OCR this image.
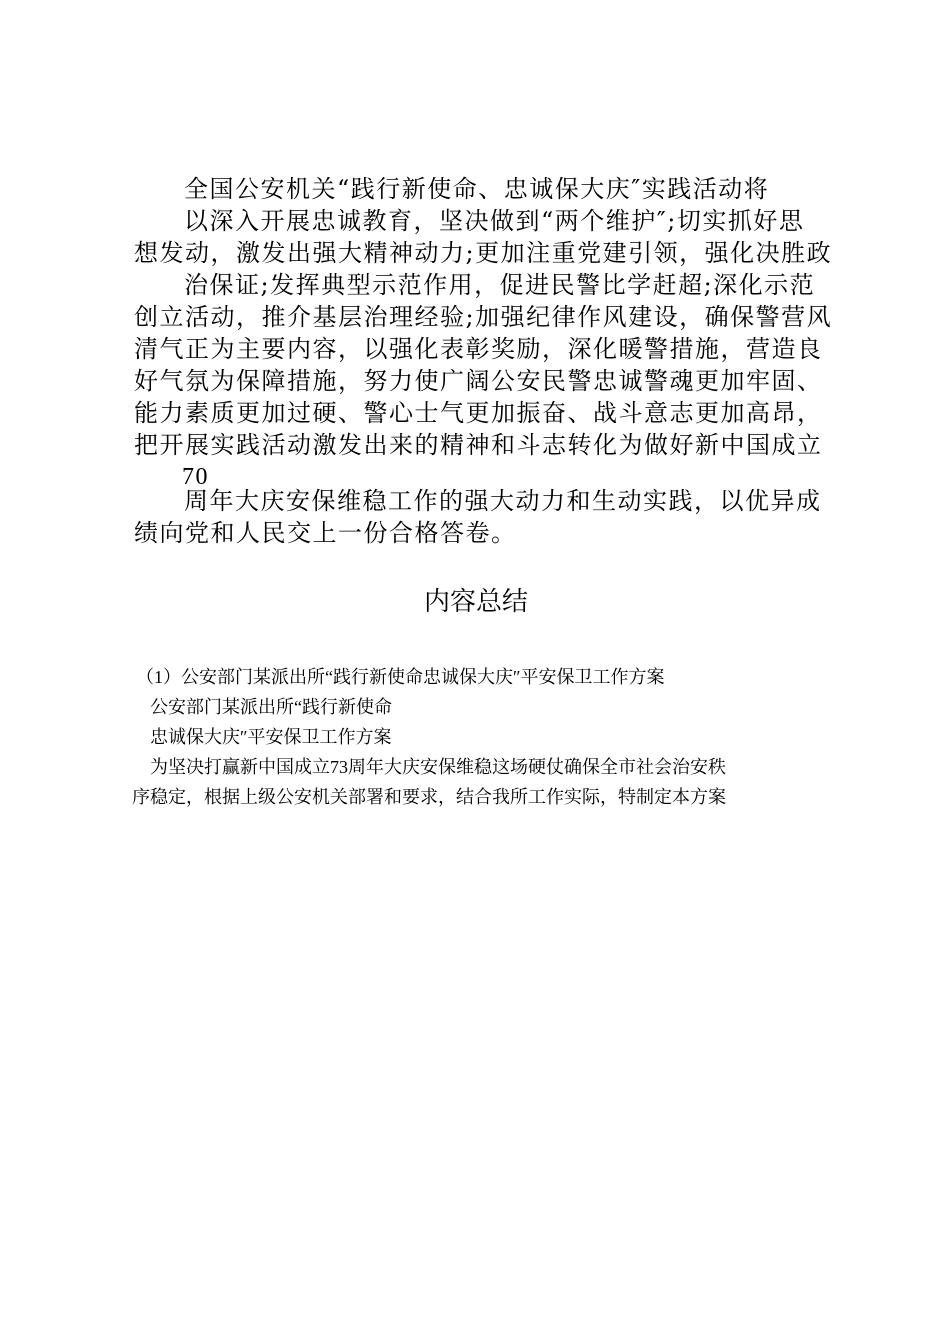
全国公安机关“践行新使命、忠诚保大庆″实践活动将

以深入开展忠诚教育，坚决做到“两个维护″;切实抓好思

想发动，激发出强大精神动力;更加注重党建引领，强化决胜政

治保证;发挥典型示范作用，促进民警比学赶超;深化示范

创立活动，推介基层治理经验;加强纪律作风建设，确保警营风

清气正为主要内容，以强化表彰奖励，深化暖警措施，营造良

好气氛为保障措施，努力使广阔公安民警忠诚警魂更加牢固、

能力素质更加过硬、警心士气更加振奋、战斗意志更加高昂，

把开展实践活动激发出来的精神和斗志转化为做好新中国成立

70

周年大庆安保维稳工作的强大动力和生动实践，以优异成

绩向党和人民交上一份合格答卷。

内容总结

（1）公安部门某派出所“践行新使命忠诚保大庆″平安保卫工作方案

公安部门某派出所“践行新使命

忠诚保大庆″平安保卫工作方案

为坚决打赢新中国成立73周年大庆安保维稳这场硬仗确保全市社会治安秩

序稳定，根据上级公安机关部署和要求，结合我所工作实际，特制定本方案
